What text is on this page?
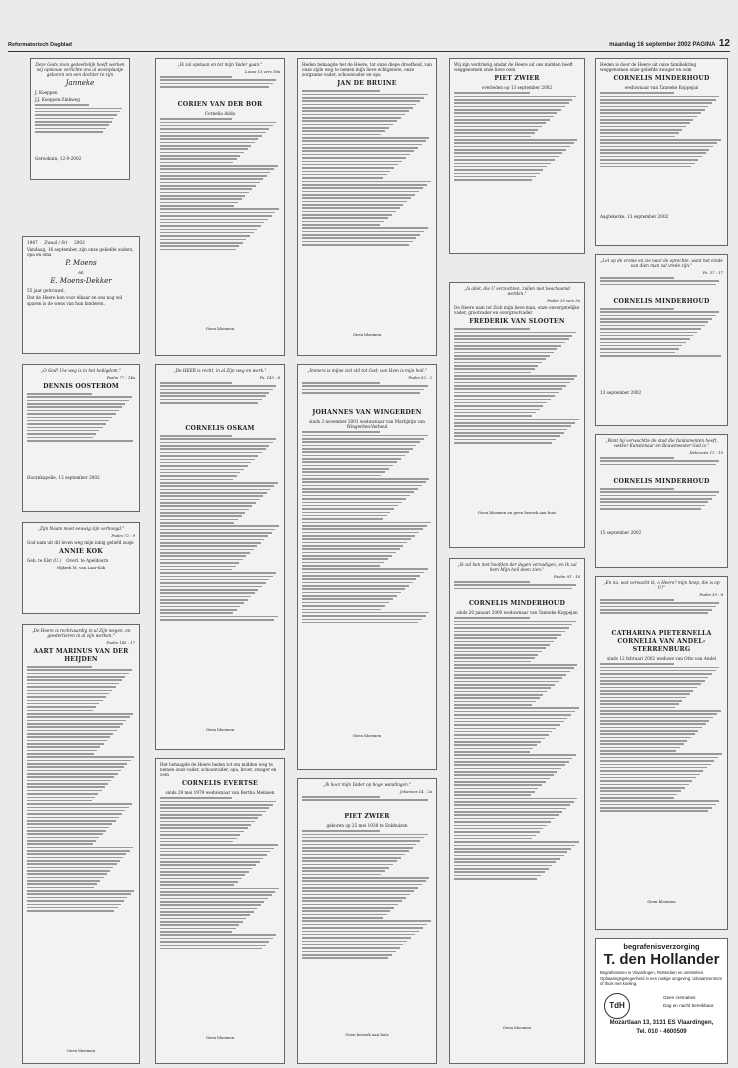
Reformatorisch Dagblad	maandag 16 september 2002 PAGINA 12

Deze Gods zoon gedeeltelijk heeft werken wij opnieuw verlichte ons al woonplaatje geboren om een dochter te zijn

Janneke

J. Koeppen

J.J. Koeppen-Zinkweg

Gerookuin, 12-9-2002

1947 Zwaal / Sri 2002

Vandaag, 16 september, zijn onze geliefde ouders, opa en oma

P. Moens

en

E. Moens-Dekker

55 jaar getrouwd.

Dat de Heere hen voor elkaar en ons nog wil sparen is de wens van hun kinderen.

„O God! Uw weg is in het heiligdom."

Psalm 77 : 14a

DENNIS OOSTEROM

Hoornkapelle, 12 september 2002

„Zijn Naam moet eeuwig zijn verhoogd."

Psalm 72 : 9

God nam uit dit leven weg mijn innig geliefd zusje

ANNIE KOK

Geb. te Elst (U.) Overl. te Apeldoorn

Nijkerk M. van Laar-Kok

„De Heere is rechtvaardig in al Zijn wegen, en goedertieren in al zijn werken."

Psalm 145 : 17

AART MARINUS VAN DER HEIJDEN

Geen bloemen

„Ik zal opstaan en tot mijn Vader gaan."

Lucas 15 vers 18a

CORIEN VAN DER BOR

Cornelia Alida

Geen bloemen

„De HEER is recht, in al Zijn weg en werk."

Ps. 145 : 8

CORNELIS OSKAM

Geen bloemen

Het behaagde de Heere heden tot om midden weg te nemen onze vader, schoonvader, opa, broer, zwager en oom

CORNELIS EVERTSE

sinds 29 mei 1979 weduwnaar van Bertha Meinsen

Geen bloemen

Heden behaagde het de Heere, tot onze diepe droefheid, van onze zijde weg te nemen mijn lieve echtgenote, onze zorgzame vader, schoonvader en opa

JAN DE BRUINE

Geen bloemen

„Immers is mijne ziel stil tot God; van Hem is mijn heil."

Psalm 62 : 2

JOHANNES VAN WINGERDEN

sinds 3 november 2001 weduwnaar van Martijntje van Wingerden-Verheul

Geen bloemen

„Ik hoor mijn Vader op hoge wandingen."

Johannes 14 : 2a

PIET ZWIER

geboren op 25 mei 1938 te Enkhuizen

Geen bezoek aan huis

Wij zijn verdrietig omdat de Heere uit ons midden heeft weggenomen onze lieve oom

PIET ZWIER

overleden op 13 september 2002

„Is allet, die U verzochten, zullen niet beschaamd worden."

Psalm 25 vers 3a

De Heere nam tot Zich mijn lieve man, onze onvergetelijke vader, grootvader en overgrootvader.

FREDERIK VAN SLOOTEN

Geen bloemen en geen bezoek aan huis

„Ik zal hen met hoofden der dagen verzadigen, en Ik zal hem Mijn heil doen zien."

Psalm 91 : 16

CORNELIS MINDERHOUD

sinds 20 januari 2000 weduwnaar van Tanneke Koppejan

Geen bloemen

Heden is door de Heere uit onze familiekring weggenomen onze geliefde zwager en oom

CORNELIS MINDERHOUD

weduwnaar van Tanneke Koppejan

Aagtekerke, 13 september 2002

„Let op de vrome en zie naar de oprechte, want het einde van dien man zal vrede zijn."

Ps. 37 : 37

CORNELIS MINDERHOUD

13 september 2002

„Want hij verwachtte de stad die fundamenten heeft, welker Kunstenaar en Bouwmeester God is."

Hebreeën 11 : 10

CORNELIS MINDERHOUD

15 september 2002

„En nu, wat verwacht ik, o Heere? mijn hoop, die is op U!"

Psalm 39 : 8

CATHARINA PIETERNELLA CORNELIA VAN ANDEL-STERRENBURG

sinds 12 februari 2002 weduwe van Otto van Andel

Geen bloemen

begrafenisverzorging

T. den Hollander

Begrafenissen in Vlaardingen, Rotterdam en omstreken. Opbaaringsgelegenheid in een rustige omgeving. Uitvaartcentrum of thuis met koeling.

TdH

Geen crematies.

Dag en nacht bereikbaar.

Mozartlaan 13, 3131 ES Vlaardingen,

Tel. 010 - 4600509
